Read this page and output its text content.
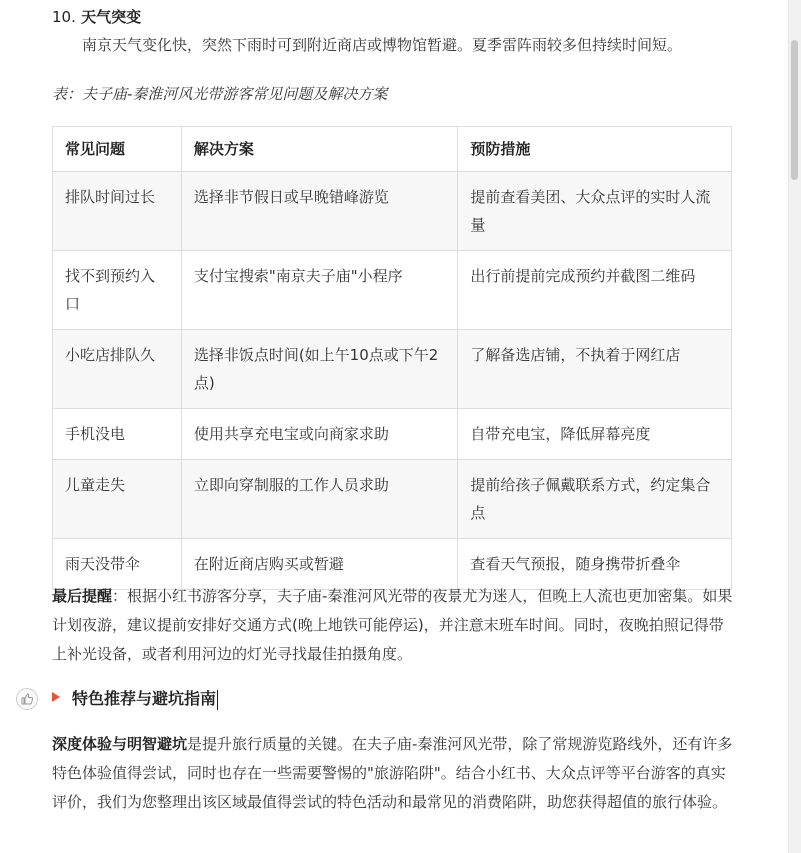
10. 天气突变
南京天气变化快，突然下雨时可到附近商店或博物馆暂避。夏季雷阵雨较多但持续时间短。
表：夫子庙-秦淮河风光带游客常见问题及解决方案
常见问题	解决方案	预防措施
排队时间过长	选择非节假日或早晚错峰游览	提前查看美团、大众点评的实时人流量
找不到预约入口	支付宝搜索"南京夫子庙"小程序	出行前提前完成预约并截图二维码
小吃店排队久	选择非饭点时间(如上午10点或下午2点)	了解备选店铺，不执着于网红店
手机没电	使用共享充电宝或向商家求助	自带充电宝，降低屏幕亮度
儿童走失	立即向穿制服的工作人员求助	提前给孩子佩戴联系方式，约定集合点
雨天没带伞	在附近商店购买或暂避	查看天气预报，随身携带折叠伞
最后提醒：根据小红书游客分享，夫子庙-秦淮河风光带的夜景尤为迷人，但晚上人流也更加密集。如果计划夜游，建议提前安排好交通方式(晚上地铁可能停运)，并注意末班车时间。同时，夜晚拍照记得带上补光设备，或者利用河边的灯光寻找最佳拍摄角度。
特色推荐与避坑指南
深度体验与明智避坑是提升旅行质量的关键。在夫子庙-秦淮河风光带，除了常规游览路线外，还有许多特色体验值得尝试，同时也存在一些需要警惕的"旅游陷阱"。结合小红书、大众点评等平台游客的真实评价，我们为您整理出该区域最值得尝试的特色活动和最常见的消费陷阱，助您获得超值的旅行体验。
